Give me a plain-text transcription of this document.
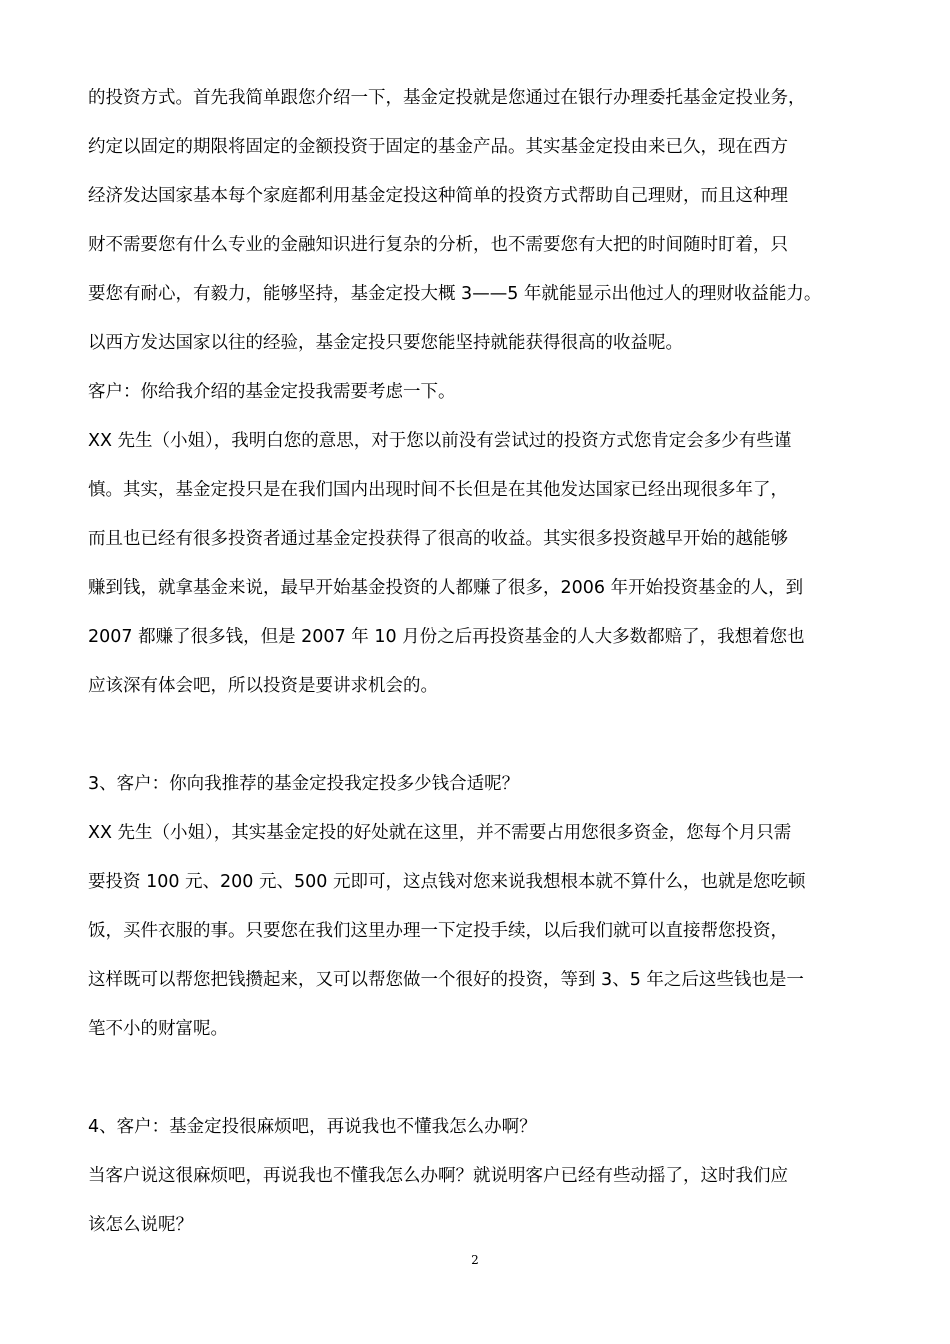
的投资方式。首先我简单跟您介绍一下，基金定投就是您通过在银行办理委托基金定投业务，
约定以固定的期限将固定的金额投资于固定的基金产品。其实基金定投由来已久，现在西方
经济发达国家基本每个家庭都利用基金定投这种简单的投资方式帮助自己理财，而且这种理
财不需要您有什么专业的金融知识进行复杂的分析，也不需要您有大把的时间随时盯着，只
要您有耐心，有毅力，能够坚持，基金定投大概 3——5 年就能显示出他过人的理财收益能力。
以西方发达国家以往的经验，基金定投只要您能坚持就能获得很高的收益呢。
客户：你给我介绍的基金定投我需要考虑一下。
XX 先生（小姐），我明白您的意思，对于您以前没有尝试过的投资方式您肯定会多少有些谨
慎。其实，基金定投只是在我们国内出现时间不长但是在其他发达国家已经出现很多年了，
而且也已经有很多投资者通过基金定投获得了很高的收益。其实很多投资越早开始的越能够
赚到钱，就拿基金来说，最早开始基金投资的人都赚了很多，2006 年开始投资基金的人，到
2007 都赚了很多钱，但是 2007 年 10 月份之后再投资基金的人大多数都赔了，我想着您也
应该深有体会吧，所以投资是要讲求机会的。
3、客户：你向我推荐的基金定投我定投多少钱合适呢？
XX 先生（小姐），其实基金定投的好处就在这里，并不需要占用您很多资金，您每个月只需
要投资 100 元、200 元、500 元即可，这点钱对您来说我想根本就不算什么，也就是您吃顿
饭，买件衣服的事。只要您在我们这里办理一下定投手续，以后我们就可以直接帮您投资，
这样既可以帮您把钱攒起来，又可以帮您做一个很好的投资，等到 3、5 年之后这些钱也是一
笔不小的财富呢。
4、客户：基金定投很麻烦吧，再说我也不懂我怎么办啊？
当客户说这很麻烦吧，再说我也不懂我怎么办啊？就说明客户已经有些动摇了，这时我们应
该怎么说呢？
2
